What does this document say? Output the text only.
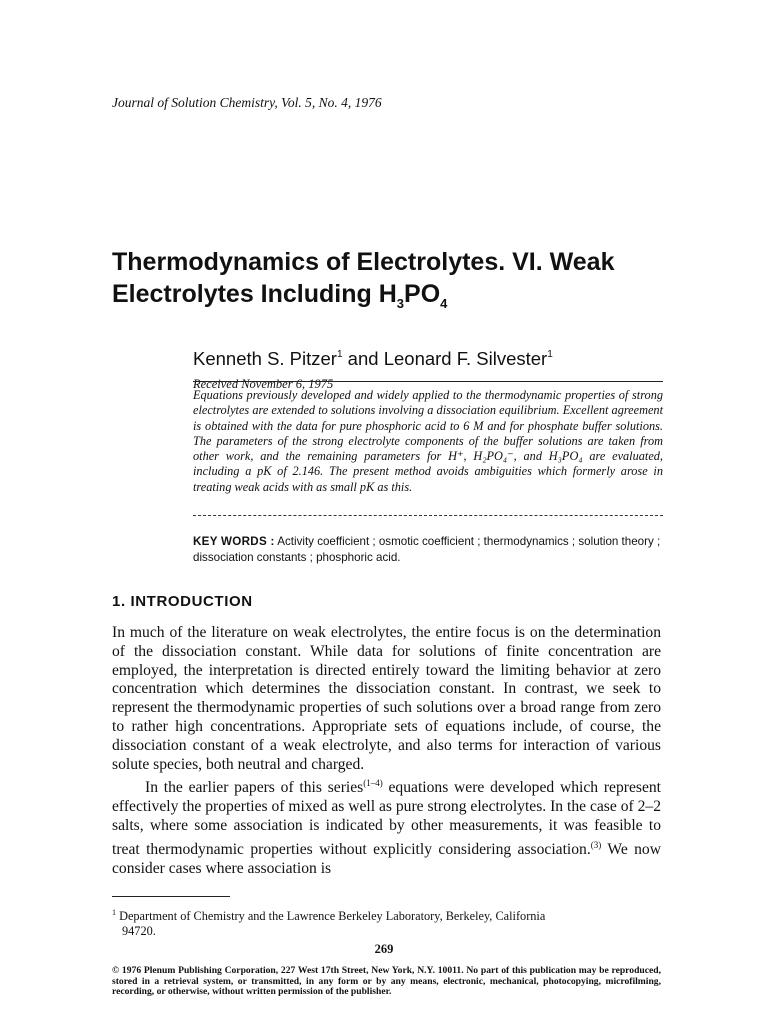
Journal of Solution Chemistry, Vol. 5, No. 4, 1976
Thermodynamics of Electrolytes. VI. Weak
Electrolytes Including $H_3PO_4$
Kenneth S. Pitzer$^1$ and Leonard F. Silvester$^1$
Received November 6, 1975
Equations previously developed and widely applied to the thermodynamic properties of strong electrolytes are extended to solutions involving a dissociation equilibrium. Excellent agreement is obtained with the data for pure phosphoric acid to 6 M and for phosphate buffer solutions. The parameters of the strong electrolyte components of the buffer solutions are taken from other work, and the remaining parameters for H⁺, H₂PO₄⁻, and H₃PO₄ are evaluated, including a pK of 2.146. The present method avoids ambiguities which formerly arose in treating weak acids with as small pK as this.
KEY WORDS : Activity coefficient ; osmotic coefficient ; thermodynamics ; solution theory ; dissociation constants ; phosphoric acid.
1. INTRODUCTION

In much of the literature on weak electrolytes, the entire focus is on the determination of the dissociation constant. While data for solutions of finite concentration are employed, the interpretation is directed entirely toward the limiting behavior at zero concentration which determines the dissociation constant. In contrast, we seek to represent the thermodynamic properties of such solutions over a broad range from zero to rather high concentrations. Appropriate sets of equations include, of course, the dissociation constant of a weak electrolyte, and also terms for interaction of various solute species, both neutral and charged.

In the earlier papers of this series$^{(1-4)}$ equations were developed which represent effectively the properties of mixed as well as pure strong electrolytes. In the case of 2–2 salts, where some association is indicated by other measurements, it was feasible to treat thermodynamic properties without explicitly considering association.$^{(3)}$ We now consider cases where association is

$^1$ Department of Chemistry and the Lawrence Berkeley Laboratory, Berkeley, California
94720.
269
© 1976 Plenum Publishing Corporation, 227 West 17th Street, New York, N.Y. 10011. No part of this publication may be reproduced, stored in a retrieval system, or transmitted, in any form or by any means, electronic, mechanical, photocopying, microfilming, recording, or otherwise, without written permission of the publisher.
